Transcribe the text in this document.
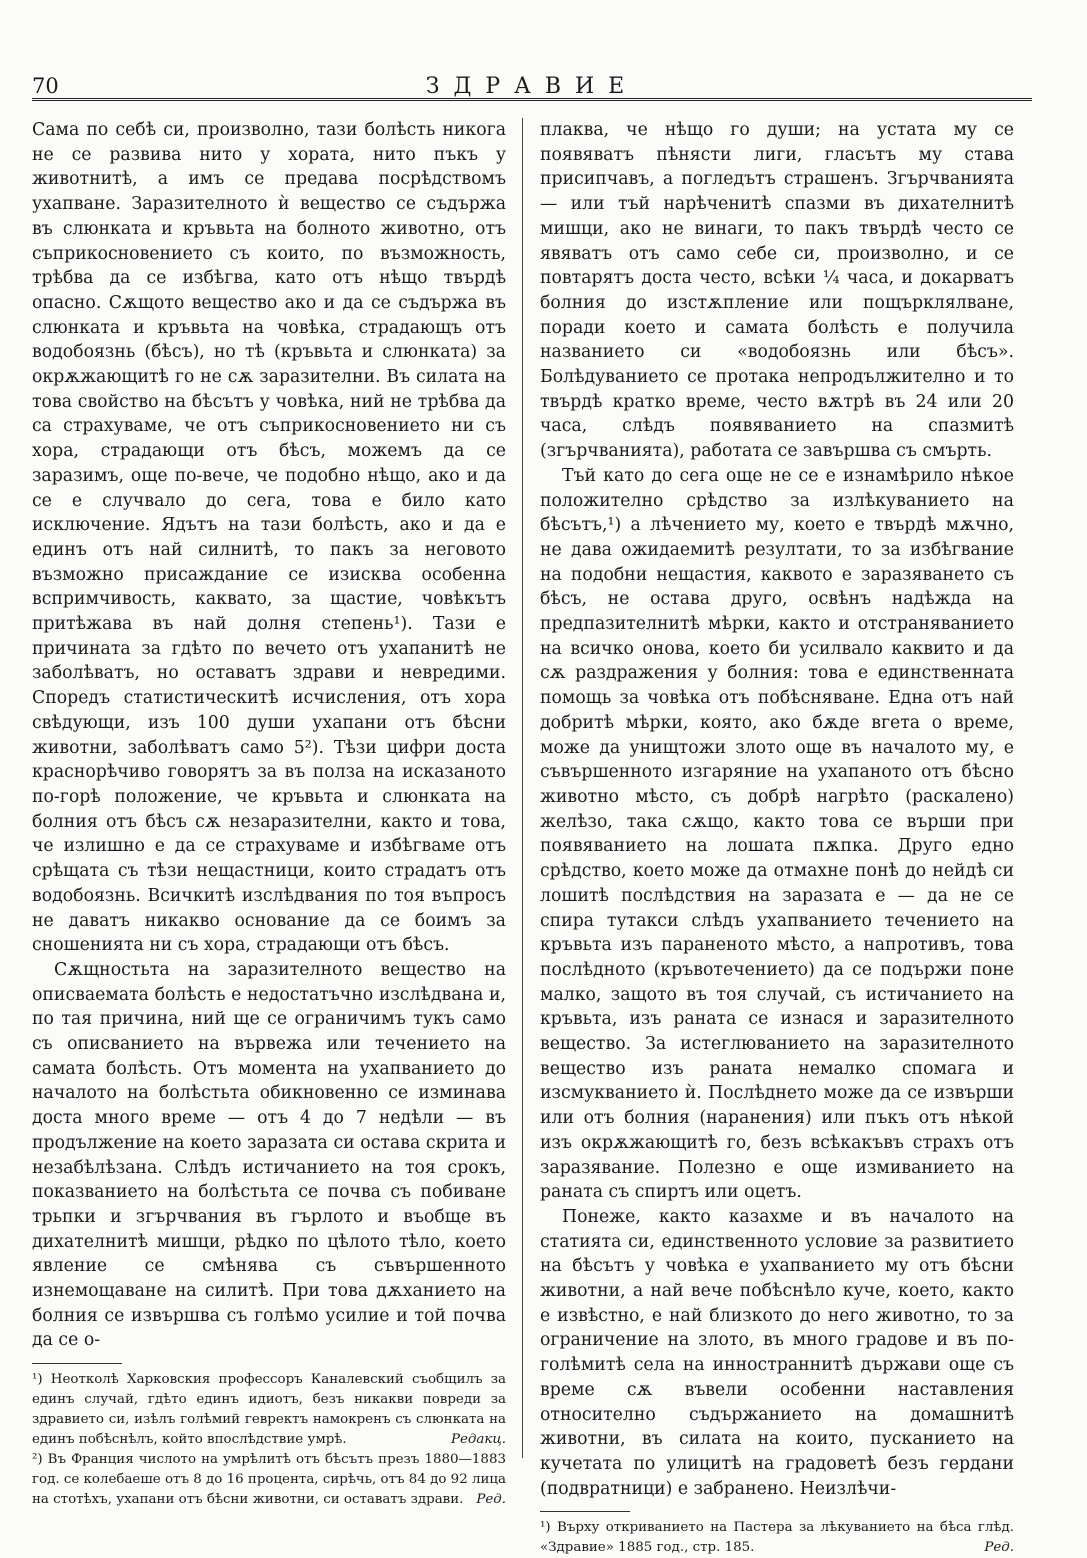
70	ЗДРАВИЕ

Сама по себѣ си, произволно, тази болѣсть никога не се развива нито у хората, нито пъкъ у животнитѣ, а имъ се предава посрѣдствомъ ухапване. Заразителното ѝ вещество се съдържа въ слюнката и кръвьта на болното животно, отъ съприкосновението съ които, по възможность, трѣбва да се избѣгва, като отъ нѣщо твърдѣ опасно. Сѫщото вещество ако и да се съдържа въ слюнката и кръвьта на човѣка, страдающъ отъ водобоязнь (бѣсъ), но тѣ (кръвьта и слюнката) за окрѫжающитѣ го не сѫ заразителни. Въ силата на това свойство на бѣсътъ у човѣка, ний не трѣбва да са страхуваме, че отъ съприкосновението ни съ хора, страдающи отъ бѣсъ, можемъ да се заразимъ, още по-вече, че подобно нѣщо, ако и да се е случвало до сега, това е било като исключение. Ядътъ на тази болѣсть, ако и да е единъ отъ най силнитѣ, то пакъ за неговото възможно присаждание се изисква особенна вспримчивость, каквато, за щастие, човѣкътъ притѣжава въ най долня степень¹). Тази е причината за гдѣто по вечето отъ ухапанитѣ не заболѣватъ, но оставатъ здрави и невредими. Споредъ статистическитѣ исчисления, отъ хора свѣдующи, изъ 100 души ухапани отъ бѣсни животни, заболѣватъ само 5²). Тѣзи цифри доста краснорѣчиво говорятъ за въ полза на исказаното по-горѣ положение, че кръвьта и слюнката на болния отъ бѣсъ сѫ незаразителни, както и това, че излишно е да се страхуваме и избѣгваме отъ срѣщата съ тѣзи нещастници, които страдатъ отъ водобоязнь. Всичкитѣ изслѣдвания по тоя въпросъ не даватъ никакво основание да се боимъ за сношенията ни съ хора, страдающи отъ бѣсъ.

Сѫщностьта на заразителното вещество на описваемата болѣсть е недостатъчно изслѣдвана и, по тая причина, ний ще се ограничимъ тукъ само съ описванието на вървежа или течението на самата болѣсть. Отъ момента на ухапванието до началото на болѣстьта обикновенно се изминава доста много време — отъ 4 до 7 недѣли — въ продължение на което заразата си остава скрита и незабѣлѣзана. Слѣдъ истичанието на тоя срокъ, показванието на болѣстьта се почва съ побиване трьпки и згърчвания въ гърлото и въобще въ дихателнитѣ мишци, рѣдко по цѣлото тѣло, което явление се смѣнява съ съвършенното изнемощаване на силитѣ. При това дѫханието на болния се извършва съ голѣмо усилие и той почва да се о-

¹) Неотколѣ Харковския профессоръ Каналевский съобщилъ за единъ случай, гдѣто единъ идиотъ, безъ никакви повреди за здравието си, изѣлъ голѣмий гевректъ намокренъ съ слюнката на единъ побѣснѣлъ, който впослѣдствие умрѣ.	Редакц.

²) Въ Франция числото на умрѣлитѣ отъ бѣсътъ презъ 1880—1883 год. се колебаеше отъ 8 до 16 процента, сирѣчь, отъ 84 до 92 лица на стотѣхъ, ухапани отъ бѣсни животни, си оставатъ здрави. Ред.

плаква, че нѣщо го души; на устата му се появяватъ пѣнясти лиги, гласътъ му става присипчавъ, а погледътъ страшенъ. Згърчванията — или тъй нарѣченитѣ спазми въ дихателнитѣ мишци, ако не винаги, то пакъ твърдѣ често се явяватъ отъ само себе си, произволно, и се повтарятъ доста често, всѣки ¼ часа, и докарватъ болния до изстѫпление или пощърклялване, поради което и самата болѣсть е получила названието си «водобоязнь или бѣсъ». Болѣдуванието се протака непродължително и то твърдѣ кратко време, често вѫтрѣ въ 24 или 20 часа, слѣдъ появяванието на спазмитѣ (згърчванията), работата се завършва съ смърть.

Тъй като до сега още не се е изнамѣрило нѣкое положително срѣдство за излѣкуванието на бѣсътъ,¹) а лѣчението му, което е твърдѣ мѫчно, не дава ожидаемитѣ резултати, то за избѣгвание на подобни нещастия, каквото е заразяването съ бѣсъ, не остава друго, освѣнъ надѣжда на предпазителнитѣ мѣрки, както и отстраняванието на всичко онова, което би усилвало каквито и да сѫ раздражения у болния: това е единственната помощь за човѣка отъ побѣсняване. Една отъ най добритѣ мѣрки, която, ако бѫде вгета о време, може да унищтожи злото още въ началото му, е съвършенното изгаряние на ухапаното отъ бѣсно животно мѣсто, съ добрѣ нагрѣто (раскалено) желѣзо, така сѫщо, както това се върши при появяванието на лошата пѫпка. Друго едно срѣдство, което може да отмахне понѣ до нейдѣ си лошитѣ послѣдствия на заразата е — да не се спира тутакси слѣдъ ухапванието течението на кръвьта изъ параненото мѣсто, а напротивъ, това послѣдното (кръвотечението) да се подържи поне малко, защото въ тоя случай, съ истичанието на кръвьта, изъ раната се изнася и заразителното вещество. За истеглюванието на заразителното вещество изъ раната немалко спомага и изсмукванието ѝ. Послѣднето може да се извърши или отъ болния (наранения) или пъкъ отъ нѣкой изъ окрѫжающитѣ го, безъ всѣкакъвъ страхъ отъ заразявание. Полезно е още измиванието на раната съ спиртъ или оцетъ.

Понеже, както казахме и въ началото на статията си, единственното условие за развитието на бѣсътъ у човѣка е ухапванието му отъ бѣсни животни, а най вече побѣснѣло куче, което, както е извѣстно, е най близкото до него животно, то за ограничение на злото, въ много градове и въ по-голѣмитѣ села на инностраннитѣ държави още съ време сѫ въвели особенни наставления относително съдържанието на домашнитѣ животни, въ силата на които, пусканието на кучетата по улицитѣ на градоветѣ безъ гердани (подвратници) е забранено. Неизлѣчи-

¹) Върху откриванието на Пастера за лѣкуванието на бѣса глѣд. «Здравие» 1885 год., стр. 185.	Ред.
